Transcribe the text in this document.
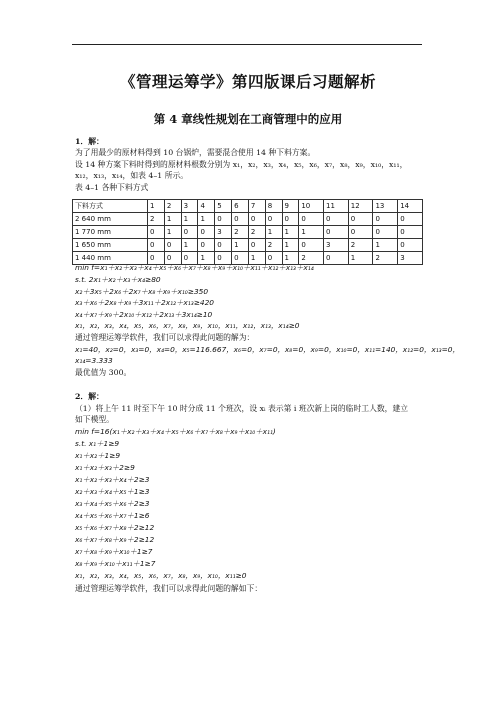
《管理运筹学》第四版课后习题解析
第 4 章线性规划在工商管理中的应用
1．解：
为了用最少的原材料得到 10 台锅炉，需要混合使用 14 种下料方案。
设 14 种方案下料时得到的原材料根数分别为 x₁，x₂，x₃，x₄，x₅，x₆，x₇，x₈，x₉，x₁₀，x₁₁，
x₁₂，x₁₃，x₁₄，如表 4–1 所示。
表 4–1 各种下料方式
下料方式	1	2	3	4	5	6	7	8	9	10	11	12	13	14
2 640 mm	2	1	1	1	0	0	0	0	0	0	0	0	0	0
1 770 mm	0	1	0	0	3	2	2	1	1	1	0	0	0	0
1 650 mm	0	0	1	0	0	1	0	2	1	0	3	2	1	0
1 440 mm	0	0	0	1	0	0	1	0	1	2	0	1	2	3
min f=x₁＋x₂＋x₃＋x₄＋x₅＋x₆＋x₇＋x₈＋x₉＋x₁₀＋x₁₁＋x₁₂＋x₁₃＋x₁₄
s.t. 2x₁＋x₂＋x₃＋x₄≥80
x₂＋3x₅＋2x₆＋2x₇＋x₈＋x₉＋x₁₀≥350
x₃＋x₆＋2x₈＋x₉＋3x₁₁＋2x₁₂＋x₁₃≥420
x₄＋x₇＋x₉＋2x₁₀＋x₁₂＋2x₁₃＋3x₁₄≥10
x₁，x₂，x₃，x₄，x₅，x₆，x₇，x₈，x₉，x₁₀，x₁₁，x₁₂，x₁₃，x₁₄≥0
通过管理运筹学软件，我们可以求得此问题的解为：
x₁=40，x₂=0，x₃=0，x₄=0，x₅=116.667，x₆=0，x₇=0，x₈=0，x₉=0，x₁₀=0，x₁₁=140，x₁₂=0，x₁₃=0，
x₁₄=3.333
最优值为 300。
2．解：
（1）将上午 11 时至下午 10 时分成 11 个班次，设 xᵢ 表示第 i 班次新上岗的临时工人数，建立
如下模型。
min f=16(x₁＋x₂＋x₃＋x₄＋x₅＋x₆＋x₇＋x₈＋x₉＋x₁₀＋x₁₁)
s.t. x₁＋1≥9
x₁＋x₂＋1≥9
x₁＋x₂＋x₃＋2≥9
x₁＋x₂＋x₃＋x₄＋2≥3
x₂＋x₃＋x₄＋x₅＋1≥3
x₃＋x₄＋x₅＋x₆＋2≥3
x₄＋x₅＋x₆＋x₇＋1≥6
x₅＋x₆＋x₇＋x₈＋2≥12
x₆＋x₇＋x₈＋x₉＋2≥12
x₇＋x₈＋x₉＋x₁₀＋1≥7
x₈＋x₉＋x₁₀＋x₁₁＋1≥7
x₁，x₂，x₃，x₄，x₅，x₆，x₇，x₈，x₉，x₁₀，x₁₁≥0
通过管理运筹学软件，我们可以求得此问题的解如下：
